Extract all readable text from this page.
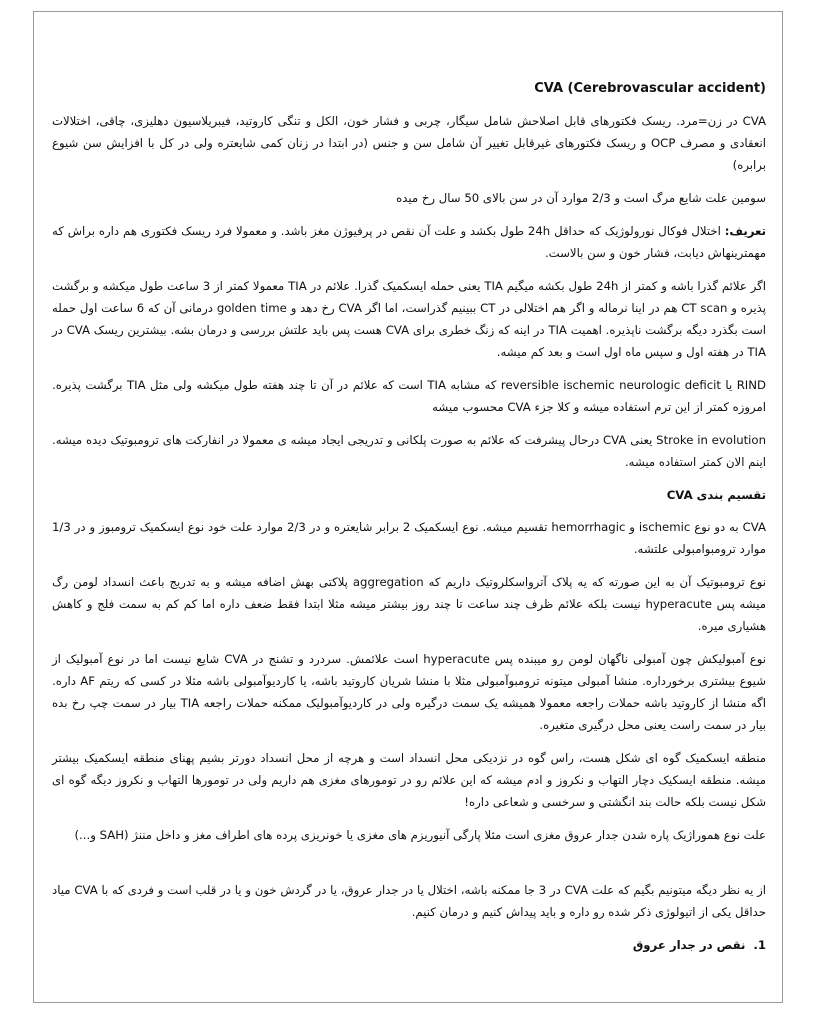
CVA (Cerebrovascular accident)

CVA در زن=مرد. ریسک فکتورهای قابل اصلاحش شامل سیگار، چربی و فشار خون، الکل و تنگی کاروتید، فیبریلاسیون دهلیزی، چاقی، اختلالات انعقادی و مصرف OCP و ریسک فکتورهای غیرقابل تغییر آن شامل سن و جنس (در ابتدا در زنان کمی شایعتره ولی در کل با افزایش سن شیوع برابره)

سومین علت شایع مرگ است و 2/3 موارد آن در سن بالای 50 سال رخ میده

تعریف: اختلال فوکال نورولوژیک که حداقل 24h طول بکشد و علت آن نقص در پرفیوژن مغز باشد. و معمولا فرد ریسک فکتوری هم داره براش که مهمترینهاش دیابت، فشار خون و سن بالاست.

اگر علائم گذرا باشه و کمتر از 24h طول بکشه میگیم TIA یعنی حمله ایسکمیک گذرا. علائم در TIA معمولا کمتر از 3 ساعت طول میکشه و برگشت پذیره و CT scan هم در اینا نرماله و اگر هم اختلالی در CT ببینیم گذراست، اما اگر CVA رخ دهد و golden time درمانی آن که 6 ساعت اول حمله است بگذرد دیگه برگشت ناپذیره. اهمیت TIA در اینه که زنگ خطری برای CVA هست پس باید علتش بررسی و درمان بشه. بیشترین ریسک CVA در TIA در هفته اول و سپس ماه اول است و بعد کم میشه.

RIND یا reversible ischemic neurologic deficit که مشابه TIA است که علائم در آن تا چند هفته طول میکشه ولی مثل TIA برگشت پذیره. امروزه کمتر از این ترم استفاده میشه و کلا جزء CVA محسوب میشه

Stroke in evolution یعنی CVA درحال پیشرفت که علائم به صورت پلکانی و تدریجی ایجاد میشه ی معمولا در انفارکت های ترومبوتیک دیده میشه. اینم الان کمتر استفاده میشه.

تقسیم بندی CVA

CVA به دو نوع ischemic و hemorrhagic تقسیم میشه. نوع ایسکمیک 2 برابر شایعتره و در 2/3 موارد علت خود نوع ایسکمیک ترومبوز و در 1/3 موارد ترومبوامبولی علتشه.

نوع ترومبوتیک آن به این صورته که یه پلاک آترواسکلروتیک داریم که aggregation پلاکتی بهش اضافه میشه و به تدریج باعث انسداد لومن رگ میشه پس hyperacute نیست بلکه علائم ظرف چند ساعت تا چند روز بیشتر میشه مثلا ابتدا فقط ضعف داره اما کم کم به سمت فلج و کاهش هشیاری میره.

نوع آمبولیکش چون آمبولی ناگهان لومن رو میبنده پس hyperacute است علائمش. سردرد و تشنج در CVA شایع نیست اما در نوع آمبولیک از شیوع بیشتری برخورداره. منشا آمبولی میتونه ترومبوآمبولی مثلا با منشا شریان کاروتید باشه، یا کاردیوآمبولی باشه مثلا در کسی که ریتم AF داره. اگه منشا از کاروتید باشه حملات راجعه معمولا همیشه یک سمت درگیره ولی در کاردیوآمبولیک ممکنه حملات راجعه TIA بیار در سمت چپ رخ بده بیار در سمت راست یعنی محل درگیری متغیره.

منطقه ایسکمیک گوه ای شکل هست، راس گوه در نزدیکی محل انسداد است و هرچه از محل انسداد دورتر بشیم پهنای منطقه ایسکمیک بیشتر میشه. منطقه ایسکیک دچار التهاب و نکروز و ادم میشه که این علائم رو در تومورهای مغزی هم داریم ولی در تومورها التهاب و نکروز دیگه گوه ای شکل نیست بلکه حالت بند انگشتی و سرخسی و شعاعی داره!

علت نوع هموراژیک پاره شدن جدار عروق مغزی است مثلا پارگی آنیوریزم های مغزی یا خونریزی پرده های اطراف مغز و داخل مننژ (SAH و...)

از یه نظر دیگه میتونیم بگیم که علت CVA در 3 جا ممکنه باشه، اختلال یا در جدار عروق، یا در گردش خون و یا در قلب است و فردی که با CVA میاد حداقل یکی از اتیولوژی ذکر شده رو داره و باید پیداش کنیم و درمان کنیم.

1.نقص در جدار عروق
